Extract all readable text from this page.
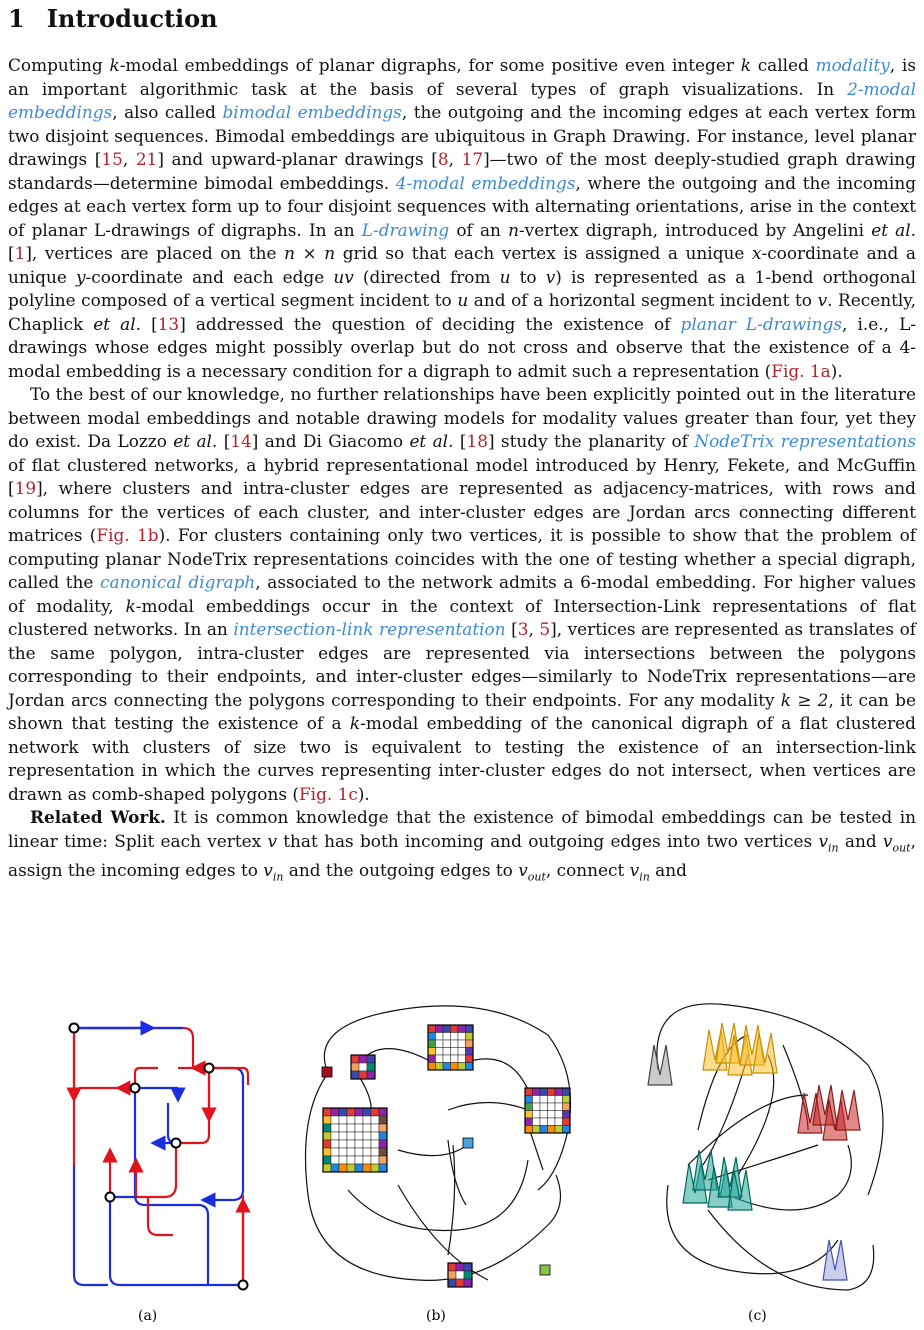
1 Introduction

Computing k-modal embeddings of planar digraphs, for some positive even integer k called modality, is an important algorithmic task at the basis of several types of graph visualizations. In 2-modal embeddings, also called bimodal embeddings, the outgoing and the incoming edges at each vertex form two disjoint sequences. Bimodal embeddings are ubiquitous in Graph Drawing. For instance, level planar drawings [15, 21] and upward-planar drawings [8, 17]—two of the most deeply-studied graph drawing standards—determine bimodal embeddings. 4-modal embeddings, where the outgoing and the incoming edges at each vertex form up to four disjoint sequences with alternating orientations, arise in the context of planar L-drawings of digraphs. In an L-drawing of an n-vertex digraph, introduced by Angelini et al. [1], vertices are placed on the n × n grid so that each vertex is assigned a unique x-coordinate and a unique y-coordinate and each edge uv (directed from u to v) is represented as a 1-bend orthogonal polyline composed of a vertical segment incident to u and of a horizontal segment incident to v. Recently, Chaplick et al. [13] addressed the question of deciding the existence of planar L-drawings, i.e., L-drawings whose edges might possibly overlap but do not cross and observe that the existence of a 4-modal embedding is a necessary condition for a digraph to admit such a representation (Fig. 1a).

To the best of our knowledge, no further relationships have been explicitly pointed out in the literature between modal embeddings and notable drawing models for modality values greater than four, yet they do exist. Da Lozzo et al. [14] and Di Giacomo et al. [18] study the planarity of NodeTrix representations of flat clustered networks, a hybrid representational model introduced by Henry, Fekete, and McGuffin [19], where clusters and intra-cluster edges are represented as adjacency-matrices, with rows and columns for the vertices of each cluster, and inter-cluster edges are Jordan arcs connecting different matrices (Fig. 1b). For clusters containing only two vertices, it is possible to show that the problem of computing planar NodeTrix representations coincides with the one of testing whether a special digraph, called the canonical digraph, associated to the network admits a 6-modal embedding. For higher values of modality, k-modal embeddings occur in the context of Intersection-Link representations of flat clustered networks. In an intersection-link representation [3, 5], vertices are represented as translates of the same polygon, intra-cluster edges are represented via intersections between the polygons corresponding to their endpoints, and inter-cluster edges—similarly to NodeTrix representations—are Jordan arcs connecting the polygons corresponding to their endpoints. For any modality k ≥ 2, it can be shown that testing the existence of a k-modal embedding of the canonical digraph of a flat clustered network with clusters of size two is equivalent to testing the existence of an intersection-link representation in which the curves representing inter-cluster edges do not intersect, when vertices are drawn as comb-shaped polygons (Fig. 1c).

Related Work. It is common knowledge that the existence of bimodal embeddings can be tested in linear time: Split each vertex v that has both incoming and outgoing edges into two vertices $v_{in}$ and $v_{out}$, assign the incoming edges to $v_{in}$ and the outgoing edges to $v_{out}$, connect $v_{in}$ and

(a)	(b)	(c)
